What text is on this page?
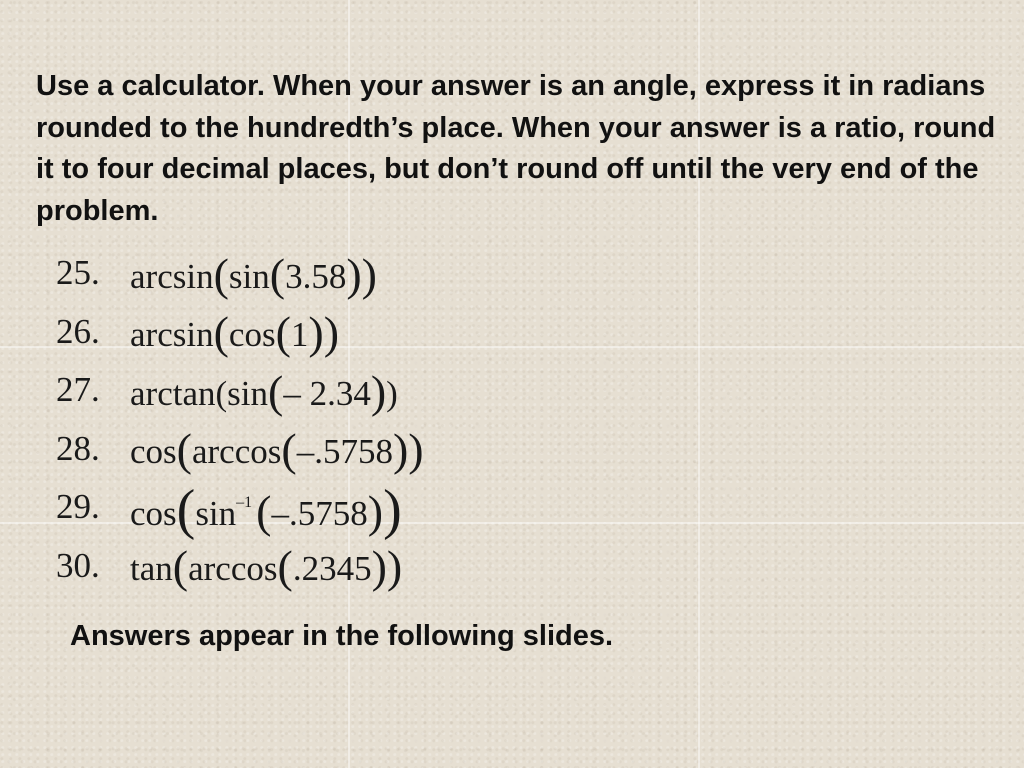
Use a calculator. When your answer is an angle, express it in radians rounded to the hundredth’s place. When your answer is a ratio, round it to four decimal places, but don’t round off until the very end of the problem.

25. arcsin(sin(3.58))
26. arcsin(cos(1))
27. arctan(sin(– 2.34))
28. cos(arccos(–.5758))
29. $\cos(\sin^{-1}(-.5758))$
30. tan(arccos(.2345))

Answers appear in the following slides.
